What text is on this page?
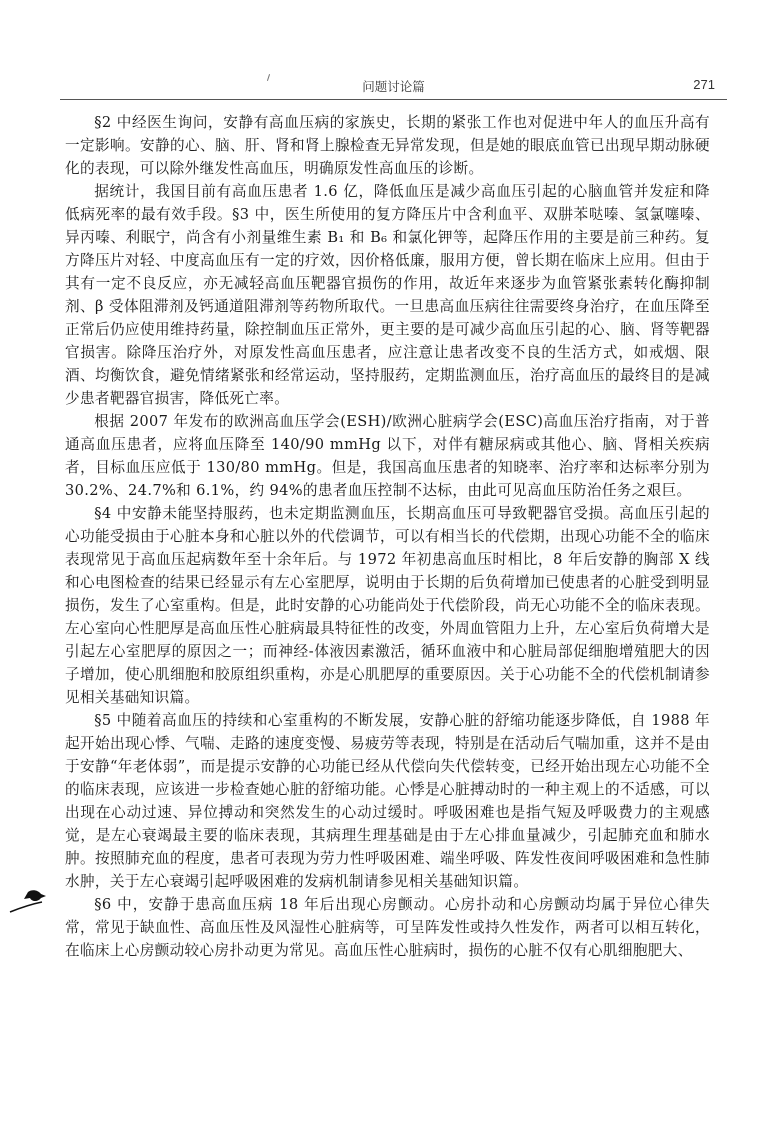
问题讨论篇	271
PDG

§2 中经医生询问，安静有高血压病的家族史，长期的紧张工作也对促进中年人的血压升高有一定影响。安静的心、脑、肝、肾和肾上腺检查无异常发现，但是她的眼底血管已出现早期动脉硬化的表现，可以除外继发性高血压，明确原发性高血压的诊断。

据统计，我国目前有高血压患者 1.6 亿，降低血压是减少高血压引起的心脑血管并发症和降低病死率的最有效手段。§3 中，医生所使用的复方降压片中含利血平、双肼苯哒嗪、氢氯噻嗪、异丙嗪、利眠宁，尚含有小剂量维生素 B₁ 和 B₆ 和氯化钾等，起降压作用的主要是前三种药。复方降压片对轻、中度高血压有一定的疗效，因价格低廉，服用方便，曾长期在临床上应用。但由于其有一定不良反应，亦无减轻高血压靶器官损伤的作用，故近年来逐步为血管紧张素转化酶抑制剂、β 受体阻滞剂及钙通道阻滞剂等药物所取代。一旦患高血压病往往需要终身治疗，在血压降至正常后仍应使用维持药量，除控制血压正常外，更主要的是可减少高血压引起的心、脑、肾等靶器官损害。除降压治疗外，对原发性高血压患者，应注意让患者改变不良的生活方式，如戒烟、限酒、均衡饮食，避免情绪紧张和经常运动，坚持服药，定期监测血压，治疗高血压的最终目的是减少患者靶器官损害，降低死亡率。

根据 2007 年发布的欧洲高血压学会(ESH)/欧洲心脏病学会(ESC)高血压治疗指南，对于普通高血压患者，应将血压降至 140/90 mmHg 以下，对伴有糖尿病或其他心、脑、肾相关疾病者，目标血压应低于 130/80 mmHg。但是，我国高血压患者的知晓率、治疗率和达标率分别为 30.2%、24.7%和 6.1%，约 94%的患者血压控制不达标，由此可见高血压防治任务之艰巨。

§4 中安静未能坚持服药，也未定期监测血压，长期高血压可导致靶器官受损。高血压引起的心功能受损由于心脏本身和心脏以外的代偿调节，可以有相当长的代偿期，出现心功能不全的临床表现常见于高血压起病数年至十余年后。与 1972 年初患高血压时相比，8 年后安静的胸部 X 线和心电图检查的结果已经显示有左心室肥厚，说明由于长期的后负荷增加已使患者的心脏受到明显损伤，发生了心室重构。但是，此时安静的心功能尚处于代偿阶段，尚无心功能不全的临床表现。左心室向心性肥厚是高血压性心脏病最具特征性的改变，外周血管阻力上升，左心室后负荷增大是引起左心室肥厚的原因之一；而神经-体液因素激活，循环血液中和心脏局部促细胞增殖肥大的因子增加，使心肌细胞和胶原组织重构，亦是心肌肥厚的重要原因。关于心功能不全的代偿机制请参见相关基础知识篇。

§5 中随着高血压的持续和心室重构的不断发展，安静心脏的舒缩功能逐步降低，自 1988 年起开始出现心悸、气喘、走路的速度变慢、易疲劳等表现，特别是在活动后气喘加重，这并不是由于安静“年老体弱”，而是提示安静的心功能已经从代偿向失代偿转变，已经开始出现左心功能不全的临床表现，应该进一步检查她心脏的舒缩功能。心悸是心脏搏动时的一种主观上的不适感，可以出现在心动过速、异位搏动和突然发生的心动过缓时。呼吸困难也是指气短及呼吸费力的主观感觉，是左心衰竭最主要的临床表现，其病理生理基础是由于左心排血量减少，引起肺充血和肺水肿。按照肺充血的程度，患者可表现为劳力性呼吸困难、端坐呼吸、阵发性夜间呼吸困难和急性肺水肿，关于左心衰竭引起呼吸困难的发病机制请参见相关基础知识篇。

§6 中，安静于患高血压病 18 年后出现心房颤动。心房扑动和心房颤动均属于异位心律失常，常见于缺血性、高血压性及风湿性心脏病等，可呈阵发性或持久性发作，两者可以相互转化，在临床上心房颤动较心房扑动更为常见。高血压性心脏病时，损伤的心脏不仅有心肌细胞肥大、
